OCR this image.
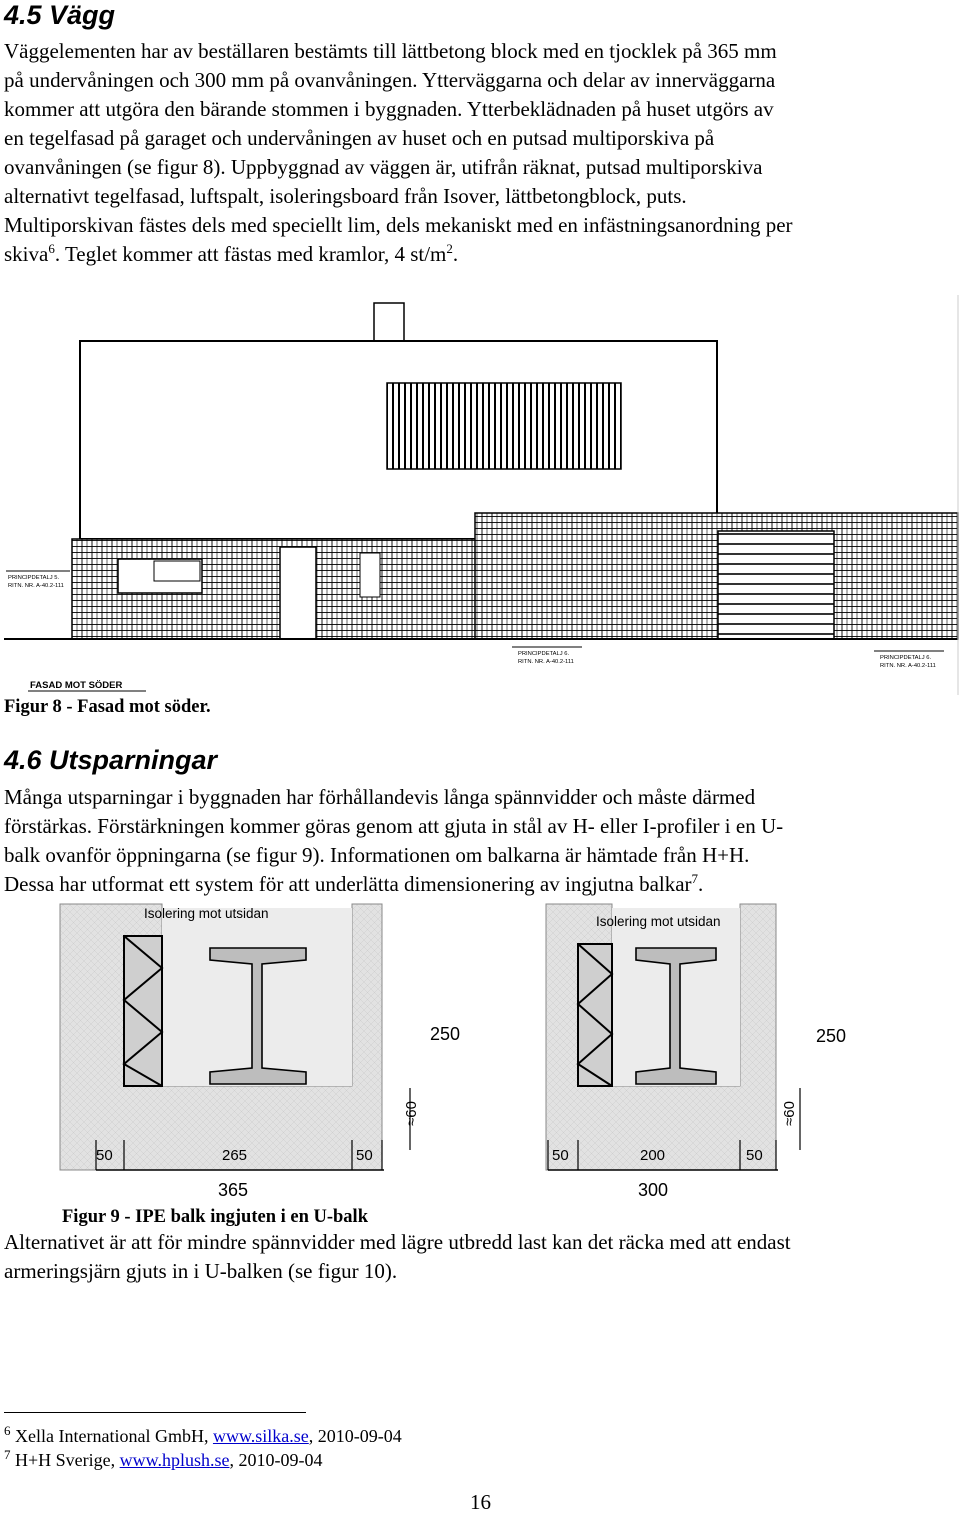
4.5 Vägg

Väggelementen har av beställaren bestämts till lättbetong block med en tjocklek på 365 mm
på undervåningen och 300 mm på ovanvåningen. Ytterväggarna och delar av innerväggarna
kommer att utgöra den bärande stommen i byggnaden. Ytterbeklädnaden på huset utgörs av
en tegelfasad på garaget och undervåningen av huset och en putsad multiporskiva på
ovanvåningen (se figur 8). Uppbyggnad av väggen är, utifrån räknat, putsad multiporskiva
alternativt tegelfasad, luftspalt, isoleringsboard från Isover, lättbetongblock, puts.
Multiporskivan fästes dels med speciellt lim, dels mekaniskt med en infästningsanordning per
skiva$^6$. Teglet kommer att fästas med kramlor, 4 $st/m^2$.

PRINCIPDETALJ 5.
RITN. NR. A-40.2-111
PRINCIPDETALJ 6.
RITN. NR. A-40.2-111
PRINCIPDETALJ 6.
RITN. NR. A-40.2-111
FASAD MOT SÖDER

Figur 8 - Fasad mot söder.

4.6 Utsparningar

Många utsparningar i byggnaden har förhållandevis långa spännvidder och måste därmed
förstärkas. Förstärkningen kommer göras genom att gjuta in stål av H- eller I-profiler i en U-
balk ovanför öppningarna (se figur 9). Informationen om balkarna är hämtade från H+H.
Dessa har utformat ett system för att underlätta dimensionering av ingjutna balkar$^7$.

Isolering mot utsidan
250
≈60
50	265	50
365
Isolering mot utsidan
250
≈60
50	200	50
300

Figur 9 - IPE balk ingjuten i en U-balk

Alternativet är att för mindre spännvidder med lägre utbredd last kan det räcka med att endast
armeringsjärn gjuts in i U-balken (se figur 10).

$^6$ Xella International GmbH, www.silka.se, 2010-09-04

$^7$ H+H Sverige, www.hplush.se, 2010-09-04

16
